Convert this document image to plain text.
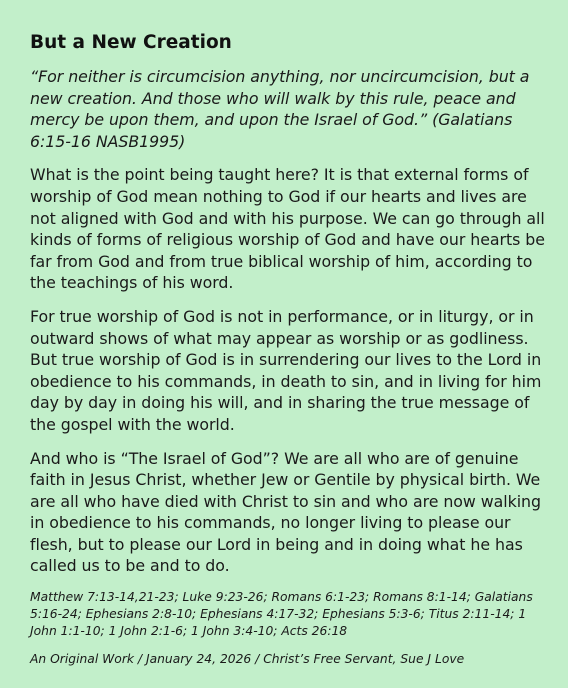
But a New Creation

“For neither is circumcision anything, nor uncircumcision, but a new creation. And those who will walk by this rule, peace and mercy be upon them, and upon the Israel of God.” (Galatians 6:15-16 NASB1995)

What is the point being taught here? It is that external forms of worship of God mean nothing to God if our hearts and lives are not aligned with God and with his purpose. We can go through all kinds of forms of religious worship of God and have our hearts be far from God and from true biblical worship of him, according to the teachings of his word.

For true worship of God is not in performance, or in liturgy, or in outward shows of what may appear as worship or as godliness. But true worship of God is in surrendering our lives to the Lord in obedience to his commands, in death to sin, and in living for him day by day in doing his will, and in sharing the true message of the gospel with the world.

And who is “The Israel of God”? We are all who are of genuine faith in Jesus Christ, whether Jew or Gentile by physical birth. We are all who have died with Christ to sin and who are now walking in obedience to his commands, no longer living to please our flesh, but to please our Lord in being and in doing what he has called us to be and to do.

Matthew 7:13-14,21-23; Luke 9:23-26; Romans 6:1-23; Romans 8:1-14; Galatians 5:16-24; Ephesians 2:8-10; Ephesians 4:17-32; Ephesians 5:3-6; Titus 2:11-14; 1 John 1:1-10; 1 John 2:1-6; 1 John 3:4-10; Acts 26:18

An Original Work / January 24, 2026 / Christ’s Free Servant, Sue J Love
